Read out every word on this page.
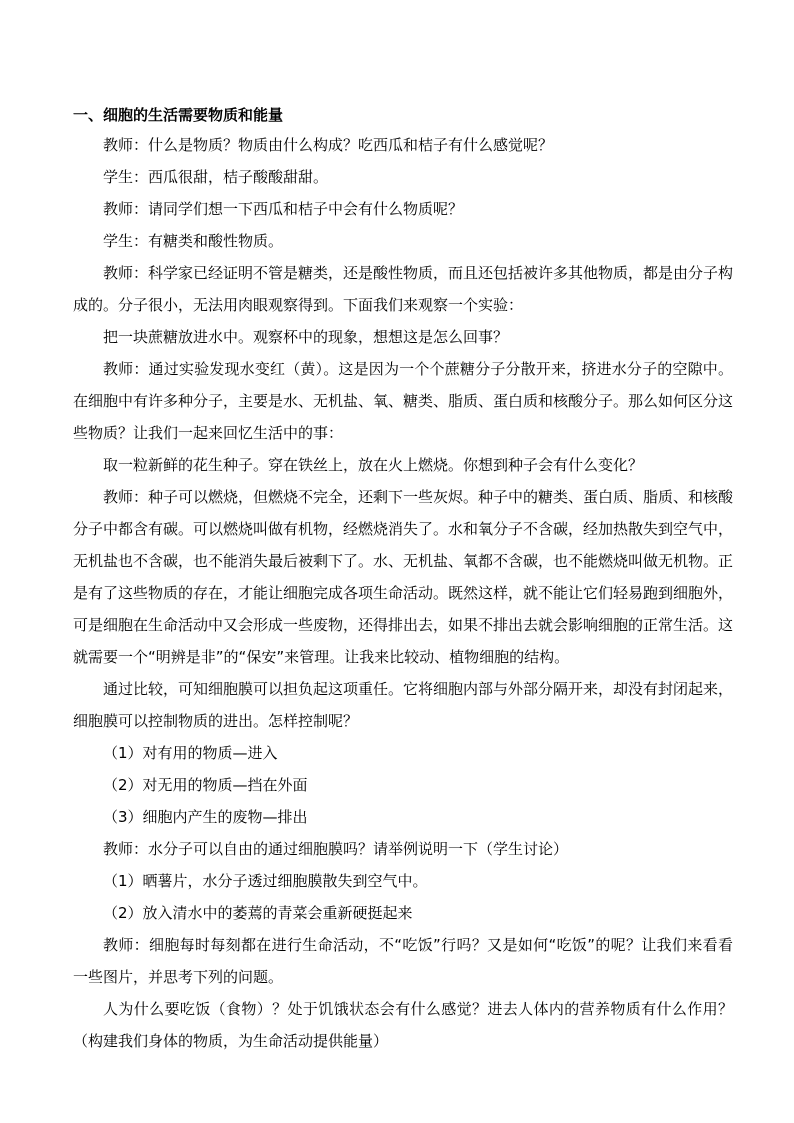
一、细胞的生活需要物质和能量

教师：什么是物质？物质由什么构成？吃西瓜和桔子有什么感觉呢？

学生：西瓜很甜，桔子酸酸甜甜。

教师：请同学们想一下西瓜和桔子中会有什么物质呢？

学生：有糖类和酸性物质。

教师：科学家已经证明不管是糖类，还是酸性物质，而且还包括被许多其他物质，都是由分子构成的。分子很小，无法用肉眼观察得到。下面我们来观察一个实验：

把一块蔗糖放进水中。观察杯中的现象，想想这是怎么回事？

教师：通过实验发现水变红（黄）。这是因为一个个蔗糖分子分散开来，挤进水分子的空隙中。在细胞中有许多种分子，主要是水、无机盐、氧、糖类、脂质、蛋白质和核酸分子。那么如何区分这些物质？让我们一起来回忆生活中的事：

取一粒新鲜的花生种子。穿在铁丝上，放在火上燃烧。你想到种子会有什么变化？

教师：种子可以燃烧，但燃烧不完全，还剩下一些灰烬。种子中的糖类、蛋白质、脂质、和核酸分子中都含有碳。可以燃烧叫做有机物，经燃烧消失了。水和氧分子不含碳，经加热散失到空气中，无机盐也不含碳，也不能消失最后被剩下了。水、无机盐、氧都不含碳，也不能燃烧叫做无机物。正是有了这些物质的存在，才能让细胞完成各项生命活动。既然这样，就不能让它们轻易跑到细胞外，可是细胞在生命活动中又会形成一些废物，还得排出去，如果不排出去就会影响细胞的正常生活。这就需要一个“明辨是非”的“保安”来管理。让我来比较动、植物细胞的结构。

通过比较，可知细胞膜可以担负起这项重任。它将细胞内部与外部分隔开来，却没有封闭起来，细胞膜可以控制物质的进出。怎样控制呢？

（1）对有用的物质—进入

（2）对无用的物质—挡在外面

（3）细胞内产生的废物—排出

教师：水分子可以自由的通过细胞膜吗？请举例说明一下（学生讨论）

（1）晒薯片，水分子透过细胞膜散失到空气中。

（2）放入清水中的萎蔫的青菜会重新硬挺起来

教师：细胞每时每刻都在进行生命活动，不“吃饭”行吗？又是如何“吃饭”的呢？让我们来看看一些图片，并思考下列的问题。

人为什么要吃饭（食物）？处于饥饿状态会有什么感觉？进去人体内的营养物质有什么作用？（构建我们身体的物质，为生命活动提供能量）
